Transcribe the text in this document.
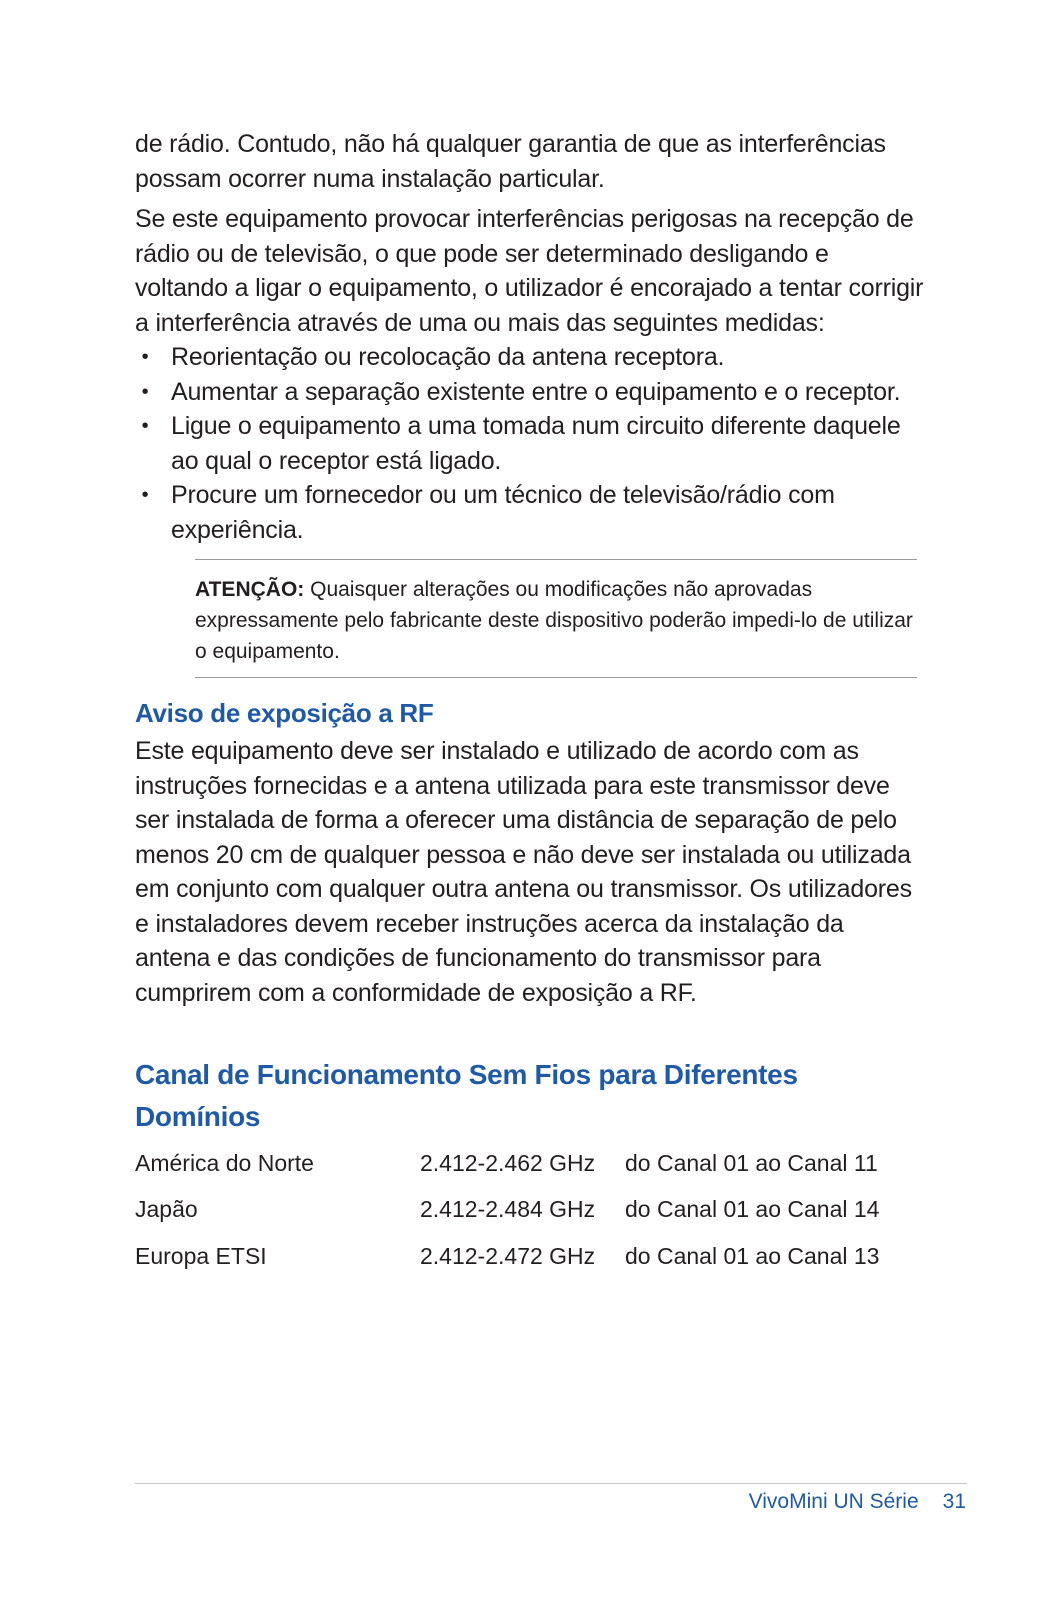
de rádio. Contudo, não há qualquer garantia de que as interferências possam ocorrer numa instalação particular.

Se este equipamento provocar interferências perigosas na recepção de rádio ou de televisão, o que pode ser determinado desligando e voltando a ligar o equipamento, o utilizador é encorajado a tentar corrigir a interferência através de uma ou mais das seguintes medidas:

• Reorientação ou recolocação da antena receptora.
• Aumentar a separação existente entre o equipamento e o receptor.
• Ligue o equipamento a uma tomada num circuito diferente daquele ao qual o receptor está ligado.
• Procure um fornecedor ou um técnico de televisão/rádio com experiência.

ATENÇÃO: Quaisquer alterações ou modificações não aprovadas expressamente pelo fabricante deste dispositivo poderão impedi-lo de utilizar o equipamento.

Aviso de exposição a RF

Este equipamento deve ser instalado e utilizado de acordo com as instruções fornecidas e a antena utilizada para este transmissor deve ser instalada de forma a oferecer uma distância de separação de pelo menos 20 cm de qualquer pessoa e não deve ser instalada ou utilizada em conjunto com qualquer outra antena ou transmissor. Os utilizadores e instaladores devem receber instruções acerca da instalação da antena e das condições de funcionamento do transmissor para cumprirem com a conformidade de exposição a RF.

Canal de Funcionamento Sem Fios para Diferentes Domínios
América do Norte	2.412-2.462 GHz	do Canal 01 ao Canal 11
Japão	2.412-2.484 GHz	do Canal 01 ao Canal 14
Europa ETSI	2.412-2.472 GHz	do Canal 01 ao Canal 13
VivoMini UN Série 31
